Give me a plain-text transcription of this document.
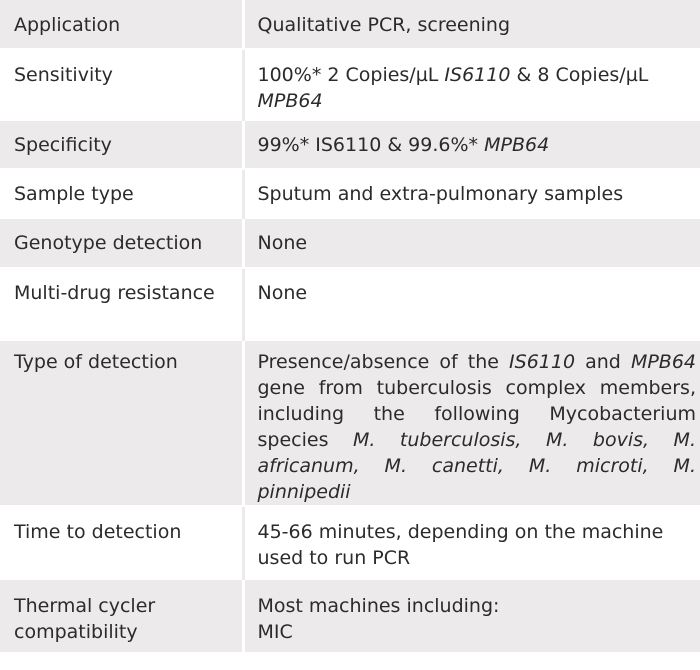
Application	Qualitative PCR, screening
Sensitivity	100%* 2 Copies/µL IS6110 & 8 Copies/µL
MPB64
Specificity	99%* IS6110 & 99.6%* MPB64
Sample type	Sputum and extra-pulmonary samples
Genotype detection	None
Multi-drug resistance	None
Type of detection	Presence/absence of the IS6110 and MPB64 gene from tuberculosis complex members, including the following Mycobacterium species M. tuberculosis, M. bovis, M. africanum, M. canetti, M. microti, M. pinnipedii
Time to detection	45-66 minutes, depending on the machine used to run PCR
Thermal cycler compatibility	Most machines including:
MIC
